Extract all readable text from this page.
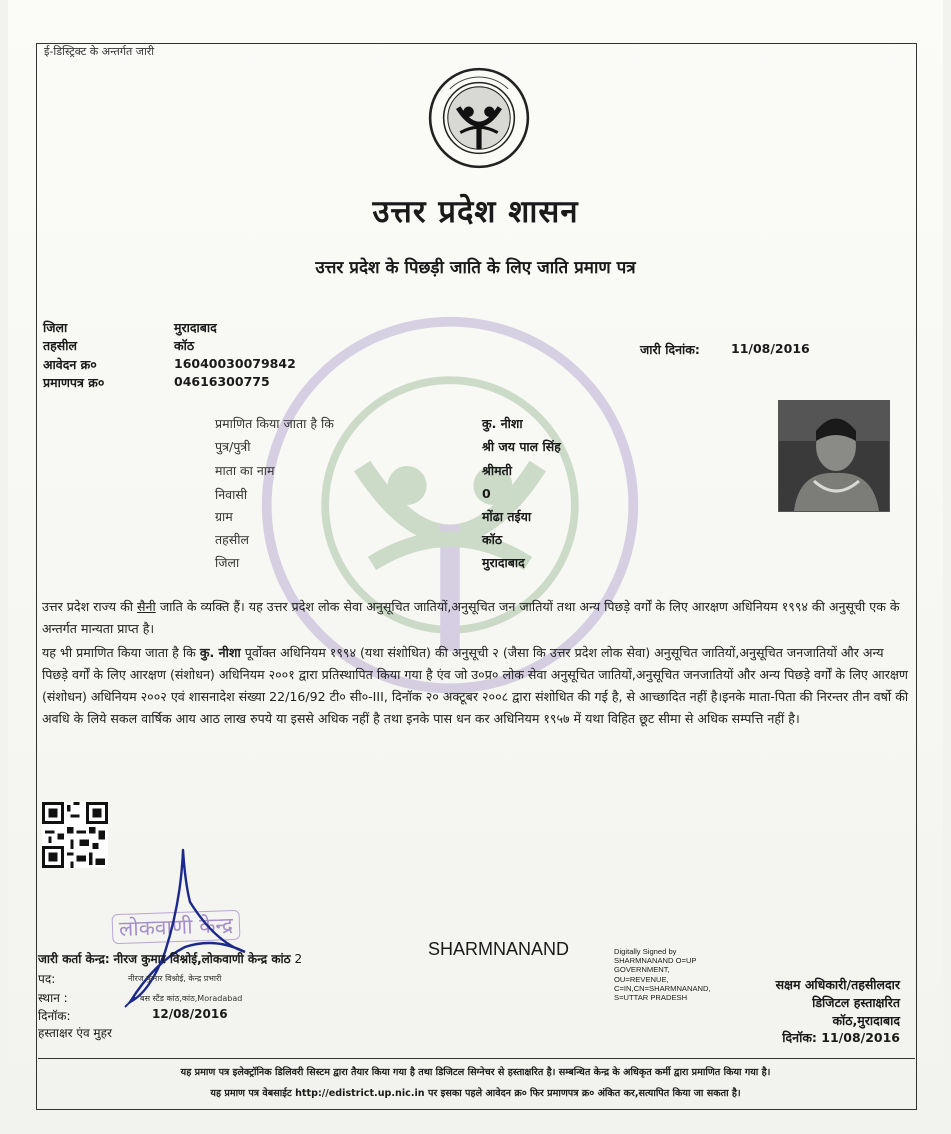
ई-डिस्ट्रिक्ट के अन्तर्गत जारी
उत्तर प्रदेश शासन
उत्तर प्रदेश के पिछड़ी जाति के लिए जाति प्रमाण पत्र
जिला	मुरादाबाद
तहसील	कॉठ
आवेदन क्र०	16040030079842
प्रमाणपत्र क्र०	04616300775
जारी दिनांक: 11/08/2016
प्रमाणित किया जाता है कि	कु. नीशा
पुत्र/पुत्री	श्री जय पाल सिंह
माता का नाम	श्रीमती
निवासी	0
ग्राम	मोंढा तईया
तहसील	कॉठ
जिला	मुरादाबाद
उत्तर प्रदेश राज्य की सैनी जाति के व्यक्ति हैं। यह उत्तर प्रदेश लोक सेवा अनुसूचित जातियों,अनुसूचित जन जातियों तथा अन्य पिछड़े वर्गों के लिए आरक्षण अधिनियम १९९४ की अनुसूची एक के अन्तर्गत मान्यता प्राप्त है।
यह भी प्रमाणित किया जाता है कि कु. नीशा पूर्वोक्त अधिनियम १९९४ (यथा संशोधित) की अनुसूची २ (जैसा कि उत्तर प्रदेश लोक सेवा) अनुसूचित जातियों,अनुसूचित जनजातियों और अन्य पिछड़े वर्गों के लिए आरक्षण (संशोधन) अधिनियम २००१ द्वारा प्रतिस्थापित किया गया है एंव जो उ०प्र० लोक सेवा अनुसूचित जातियों,अनुसूचित जनजातियों और अन्य पिछड़े वर्गों के लिए आरक्षण (संशोधन) अधिनियम २००२ एवं शासनादेश संख्या 22/16/92 टी० सी०-III, दिनॉक २० अक्टूबर २००८ द्वारा संशोधित की गई है, से आच्छादित नहीं है।इनके माता-पिता की निरन्तर तीन वर्षो की अवधि के लिये सकल वार्षिक आय आठ लाख रुपये या इससे अधिक नहीं है तथा इनके पास धन कर अधिनियम १९५७ में यथा विहित छूट सीमा से अधिक सम्पत्ति नहीं है।
लोकवाणी केन्द्र
जारी कर्ता केन्द्र: नीरज कुमार विश्नोई,लोकवाणी केन्द्र कांठ 2	SHARMNANAND	Digitally Signed by
SHARMNANAND O=UP
GOVERNMENT,
OU=REVENUE,
C=IN,CN=SHARMNANAND,
S=UTTAR PRADESH
पद:	नीरज कुमार विश्नोई, केन्द्र प्रभारी
स्थान :	बस स्टैंड कांठ,कांठ,Moradabad
दिनॉक:	12/08/2016
हस्ताक्षर एंव मुहर
सक्षम अधिकारी/तहसीलदार
डिजिटल हस्ताक्षरित
कॉठ,मुरादाबाद
दिनॉक: 11/08/2016
यह प्रमाण पत्र इलेक्ट्रॉनिक डिलिवरी सिस्टम द्वारा तैयार किया गया है तथा डिजिटल सिग्नेचर से हस्ताक्षरित है। सम्बन्धित केन्द्र के अधिकृत कर्मी द्वारा प्रमाणित किया गया है।
यह प्रमाण पत्र वेबसाईट http://edistrict.up.nic.in पर इसका पहले आवेदन क्र० फिर प्रमाणपत्र क्र० अंकित कर,सत्यापित किया जा सकता है।
